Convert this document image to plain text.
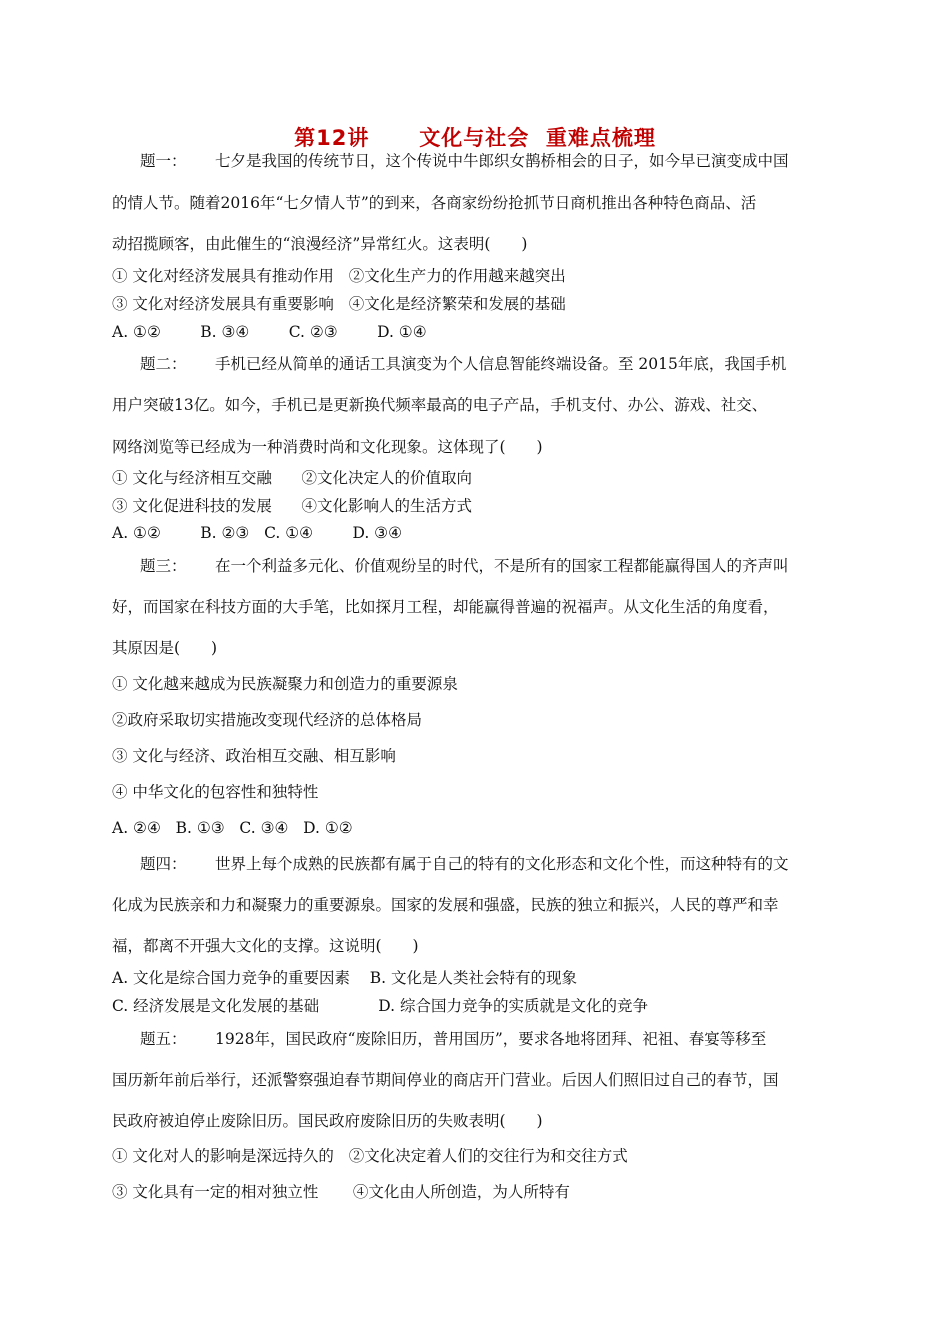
第12讲      文化与社会  重难点梳理
题一： 七夕是我国的传统节日，这个传说中牛郎织女鹊桥相会的日子，如今早已演变成中国
的情人节。随着2016年“七夕情人节”的到来，各商家纷纷抢抓节日商机推出各种特色商品、活
动招揽顾客，由此催生的“浪漫经济”异常红火。这表明(　　)
① 文化对经济发展具有推动作用   ②文化生产力的作用越来越突出
③ 文化对经济发展具有重要影响   ④文化是经济繁荣和发展的基础
A. ①②        B. ③④        C. ②③        D. ①④
题二： 手机已经从简单的通话工具演变为个人信息智能终端设备。至 2015年底，我国手机
用户突破13亿。如今，手机已是更新换代频率最高的电子产品，手机支付、办公、游戏、社交、
网络浏览等已经成为一种消费时尚和文化现象。这体现了(　　)
① 文化与经济相互交融      ②文化决定人的价值取向
③ 文化促进科技的发展      ④文化影响人的生活方式
A. ①②        B. ②③   C. ①④        D. ③④
题三： 在一个利益多元化、价值观纷呈的时代，不是所有的国家工程都能赢得国人的齐声叫
好，而国家在科技方面的大手笔，比如探月工程，却能赢得普遍的祝福声。从文化生活的角度看，
其原因是(　　)
① 文化越来越成为民族凝聚力和创造力的重要源泉
②政府采取切实措施改变现代经济的总体格局
③ 文化与经济、政治相互交融、相互影响
④ 中华文化的包容性和独特性
A. ②④   B. ①③   C. ③④   D. ①②
题四： 世界上每个成熟的民族都有属于自己的特有的文化形态和文化个性，而这种特有的文
化成为民族亲和力和凝聚力的重要源泉。国家的发展和强盛，民族的独立和振兴，人民的尊严和幸
福，都离不开强大文化的支撑。这说明(　　)
A. 文化是综合国力竞争的重要因素    B. 文化是人类社会特有的现象
C. 经济发展是文化发展的基础            D. 综合国力竞争的实质就是文化的竞争
题五： 1928年，国民政府“废除旧历，普用国历”，要求各地将团拜、祀祖、春宴等移至
国历新年前后举行，还派警察强迫春节期间停业的商店开门营业。后因人们照旧过自己的春节，国
民政府被迫停止废除旧历。国民政府废除旧历的失败表明(　　)
① 文化对人的影响是深远持久的   ②文化决定着人们的交往行为和交往方式
③ 文化具有一定的相对独立性       ④文化由人所创造，为人所特有
